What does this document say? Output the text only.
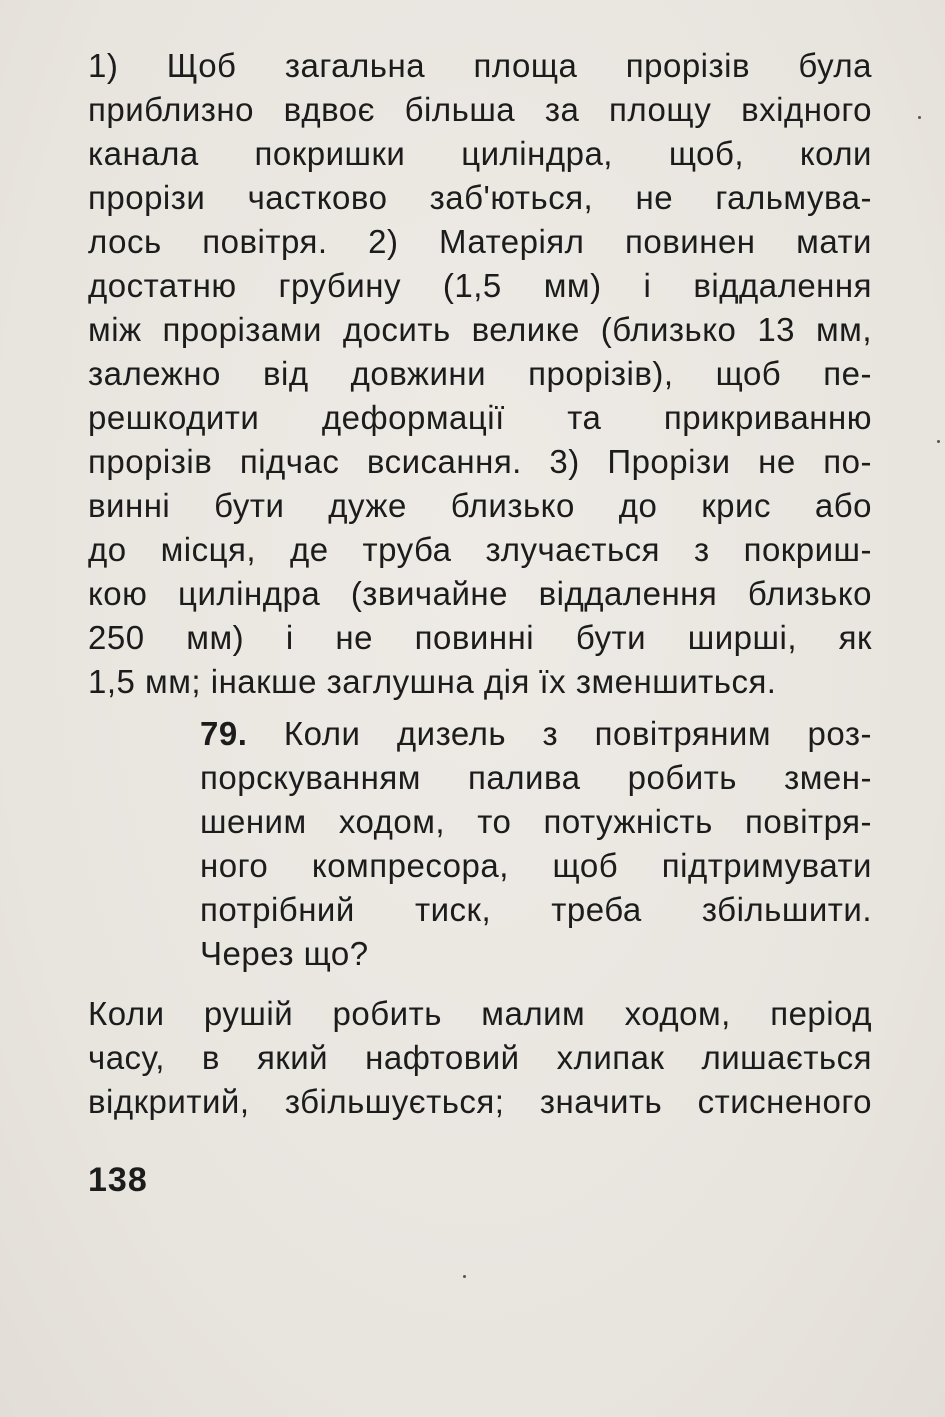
1) Щоб загальна площа прорізів була
приблизно вдвоє більша за площу вхідного
канала покришки циліндра, щоб, коли
прорізи частково заб'ються, не гальмува-
лось повітря. 2) Матеріял повинен мати
достатню грубину (1,5 мм) і віддалення
між прорізами досить велике (близько 13 мм,
залежно від довжини прорізів), щоб пе-
решкодити деформації та прикриванню
прорізів підчас всисання. 3) Прорізи не по-
винні бути дуже близько до крис або
до місця, де труба злучається з покриш-
кою циліндра (звичайне віддалення близько
250 мм) і не повинні бути ширші, як
1,5 мм; інакше заглушна дія їх зменшиться.
79. Коли дизель з повітряним роз-
порскуванням палива робить змен-
шеним ходом, то потужність повітря-
ного компресора, щоб підтримувати
потрібний тиск, треба збільшити.
Через що?
Коли рушій робить малим ходом, період
часу, в який нафтовий хлипак лишається
відкритий, збільшується; значить стисненого
138
